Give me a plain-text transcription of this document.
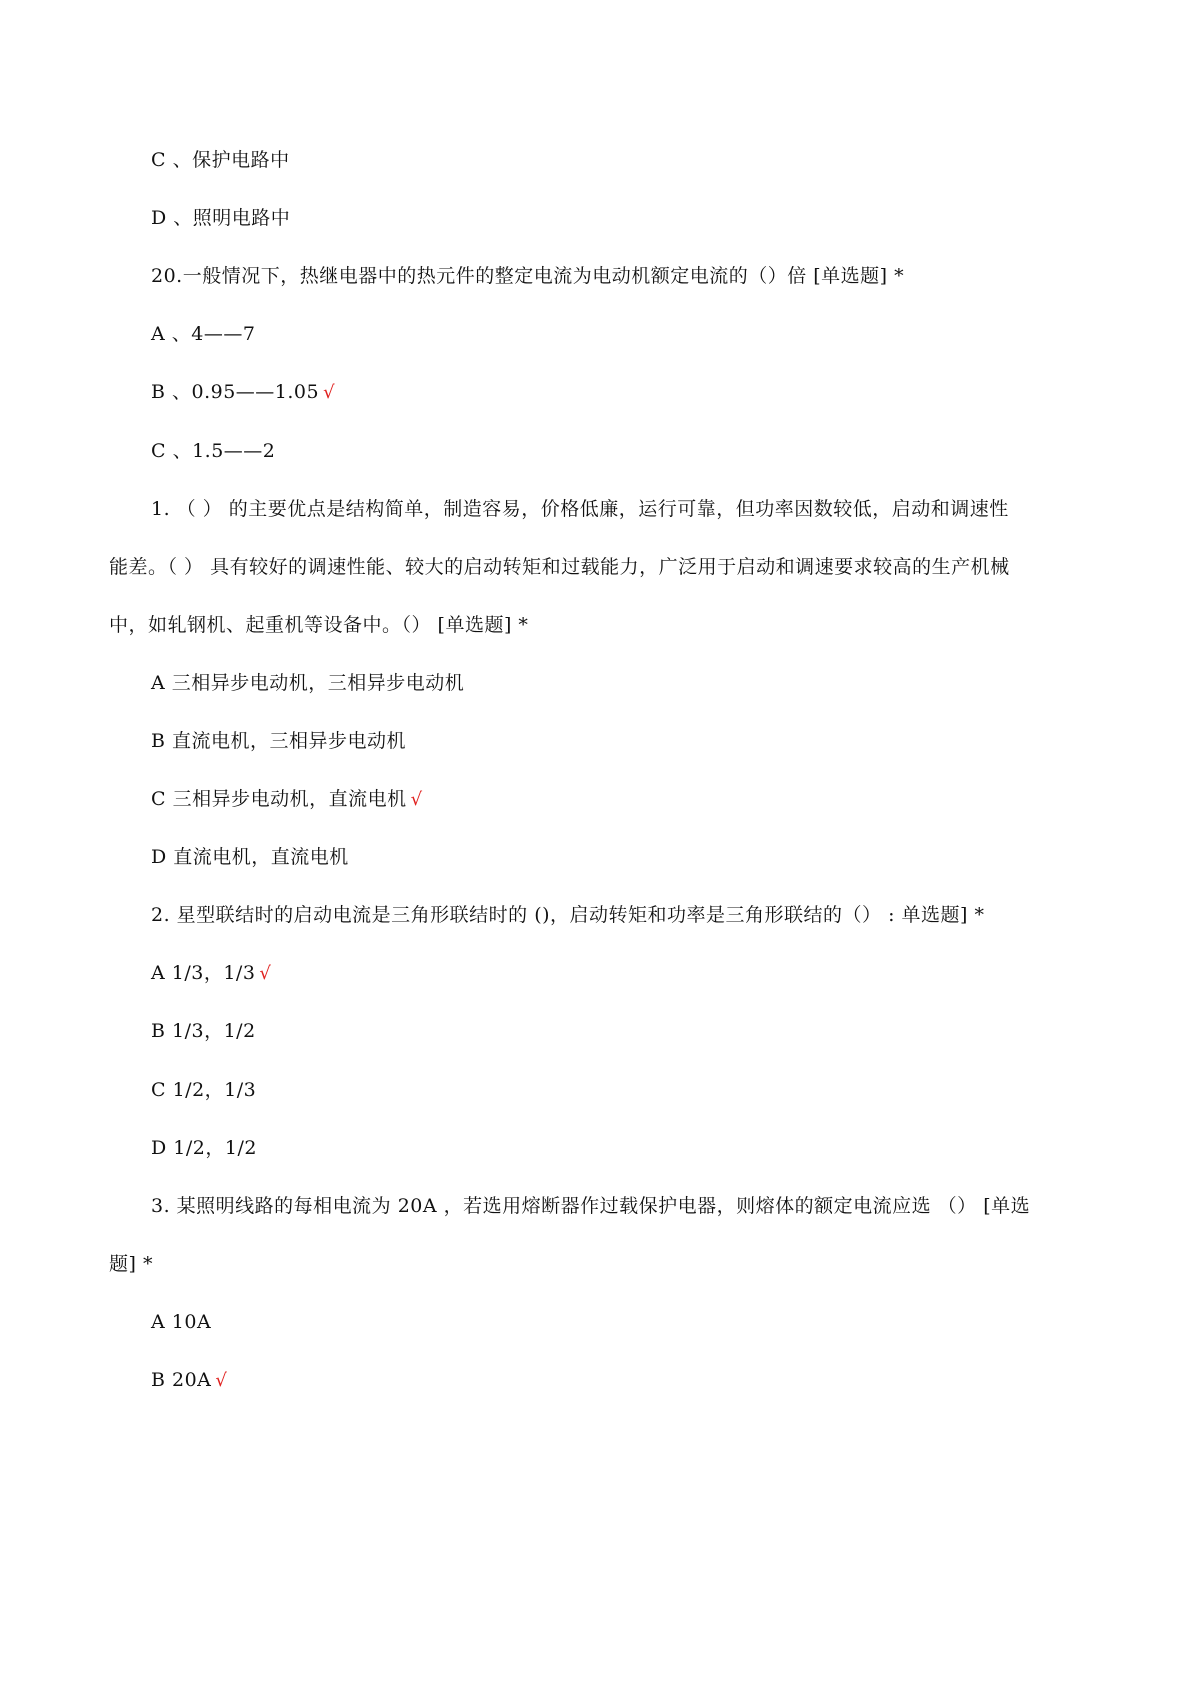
C 、保护电路中
D 、照明电路中
20.一般情况下，热继电器中的热元件的整定电流为电动机额定电流的（）倍 [单选题] *
A 、4——7
B 、0.95——1.05 √
C 、1.5——2
1. （ ） 的主要优点是结构简单，制造容易，价格低廉，运行可靠，但功率因数较低，启动和调速性
能差。（ ） 具有较好的调速性能、较大的启动转矩和过载能力，广泛用于启动和调速要求较高的生产机械
中，如轧钢机、起重机等设备中。（） [单选题] *
A 三相异步电动机，三相异步电动机
B 直流电机，三相异步电动机
C 三相异步电动机，直流电机 √
D 直流电机，直流电机
2. 星型联结时的启动电流是三角形联结时的 ()，启动转矩和功率是三角形联结的（） : 单选题] *
A 1/3，1/3 √
B 1/3，1/2
C 1/2，1/3
D 1/2，1/2
3. 某照明线路的每相电流为 20A ，若选用熔断器作过载保护电器，则熔体的额定电流应选 （） [单选
题] *
A 10A
B 20A √
